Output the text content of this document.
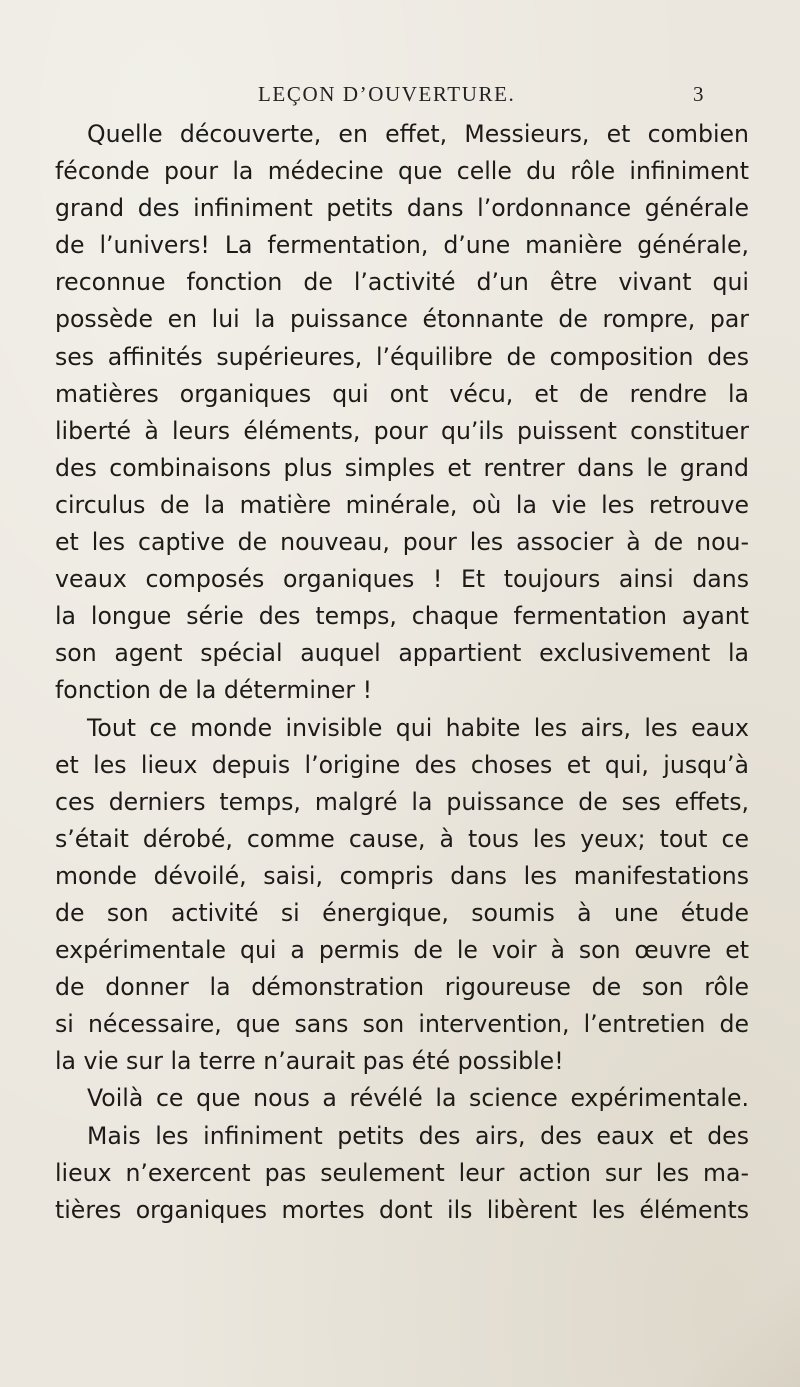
LEÇON D’OUVERTURE.	3
Quelle découverte, en effet, Messieurs, et combien
féconde pour la médecine que celle du rôle infiniment
grand des infiniment petits dans l’ordonnance générale
de l’univers! La fermentation, d’une manière générale,
reconnue fonction de l’activité d’un être vivant qui
possède en lui la puissance étonnante de rompre, par
ses affinités supérieures, l’équilibre de composition des
matières organiques qui ont vécu, et de rendre la
liberté à leurs éléments, pour qu’ils puissent constituer
des combinaisons plus simples et rentrer dans le grand
circulus de la matière minérale, où la vie les retrouve
et les captive de nouveau, pour les associer à de nou-
veaux composés organiques ! Et toujours ainsi dans
la longue série des temps, chaque fermentation ayant
son agent spécial auquel appartient exclusivement la
fonction de la déterminer !
Tout ce monde invisible qui habite les airs, les eaux
et les lieux depuis l’origine des choses et qui, jusqu’à
ces derniers temps, malgré la puissance de ses effets,
s’était dérobé, comme cause, à tous les yeux; tout ce
monde dévoilé, saisi, compris dans les manifestations
de son activité si énergique, soumis à une étude
expérimentale qui a permis de le voir à son œuvre et
de donner la démonstration rigoureuse de son rôle
si nécessaire, que sans son intervention, l’entretien de
la vie sur la terre n’aurait pas été possible!
Voilà ce que nous a révélé la science expérimentale.
Mais les infiniment petits des airs, des eaux et des
lieux n’exercent pas seulement leur action sur les ma-
tières organiques mortes dont ils libèrent les éléments
